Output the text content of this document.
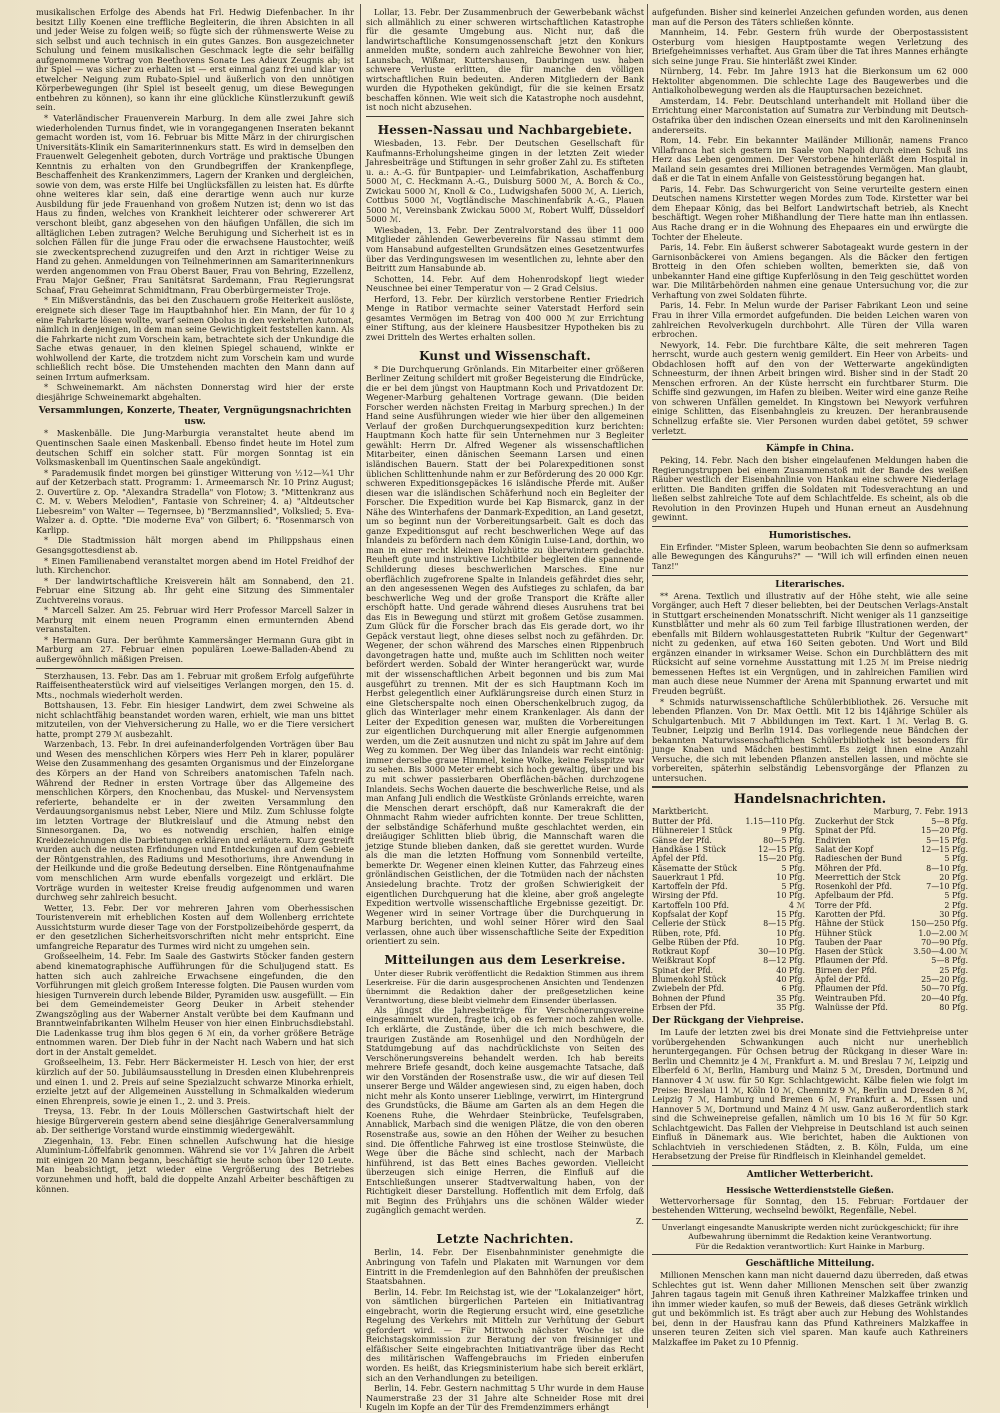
musikalischen Erfolge des Abends hat Frl. Hedwig Diefenbacher. In ihr besitzt Lilly Koenen eine treffliche Begleiterin, die ihren Absichten in all und jeder Weise zu folgen weiß; so fügte sich der rühmenswerte Weise zu sich selbst und auch technisch in ein gutes Ganzes. Bon ausgezeichneter Schulung und feinem musikalischen Geschmack legte die sehr beifällig aufgenommene Vortrag von Beethovens Sonate Les Adieux Zeugnis ab; ist ihr Spiel — was sicher zu erhalten ist — erst einmal ganz frei und klar von etwelcher Neigung zum Rubato-Spiel und äußerlich von den unnötigen Körperbewegungen (ihr Spiel ist beseelt genug, um diese Bewegungen entbehren zu können), so kann ihr eine glückliche Künstlerzukunft gewiß sein.

* Vaterländischer Frauenverein Marburg. In dem alle zwei Jahre sich wiederholenden Turnus findet, wie in vorangegangenen Inseraten bekannt gemacht worden ist, vom 16. Februar bis Mitte März in der chirurgischen Universitäts-Klinik ein Samariterinnenkurs statt. Es wird in demselben den Frauenwelt Gelegenheit geboten, durch Vorträge und praktische Übungen Kenntnis zu erhalten von den Grundbegriffen der Krankenpflege, Beschaffenheit des Krankenzimmers, Lagern der Kranken und dergleichen, sowie von dem, was erste Hilfe bei Unglücksfällen zu leisten hat. Es dürfte ohne weiteres klar sein, daß eine derartige wenn auch nur kurze Ausbildung für jede Frauenhand von großem Nutzen ist; denn wo ist das Haus zu finden, welches von Krankheit leichterer oder schwererer Art verschont bleibt, ganz abgesehen von den häufigen Unfällen, die sich im alltäglichen Leben zutragen? Welche Beruhigung und Sicherheit ist es in solchen Fällen für die junge Frau oder die erwachsene Haustochter, weiß sie zweckentsprechend zuzugreifen und den Arzt in richtiger Weise zu Hand zu gehen. Anmeldungen von Teilnehmerinnen am Samariterinnenkurs werden angenommen von Frau Oberst Bauer, Frau von Behring, Ezzellenz, Frau Major Geßner, Frau Sanitätsrat Sardemann, Frau Regierungsrat Schaaf, Frau Geheimrat Schmidtmann, Frau Oberbürgermeister Troje.

* Ein Mißverständnis, das bei den Zuschauern große Heiterkeit auslöste, ereignete sich dieser Tage im Hauptbahnhof hier. Ein Mann, der für 10 ₰ eine Fahrkarte lösen wollte, warf seinen Obolus in den verkehrten Automat, nämlich in denjenigen, in dem man seine Gewichtigkeit feststellen kann. Als die Fahrkarte nicht zum Vorschein kam, betrachtete sich der Unkundige die Sache etwas genauer, in den kleinen Spiegel schauend, winkte er wohlwollend der Karte, die trotzdem nicht zum Vorschein kam und wurde schließlich recht böse. Die Umstehenden machten den Mann dann auf seinen Irrtum aufmerksam.

* Schweinemarkt. Am nächsten Donnerstag wird hier der erste diesjährige Schweinemarkt abgehalten.

Versammlungen, Konzerte, Theater, Vergnügungsnachrichten usw.

* Maskenbälle. Die Jung-Marburgia veranstaltet heute abend im Quentinschen Saale einen Maskenball. Ebenso findet heute im Hotel zum deutschen Schiff ein solcher statt. Für morgen Sonntag ist ein Volksmaskenball im Quentinschen Saale angekündigt.

* Parademusik findet morgen bei günstiger Witterung von ½12—¾1 Uhr auf der Ketzerbach statt. Programm: 1. Armeemarsch Nr. 10 Prinz August; 2. Ouvertüre z. Op. "Alexandra Stradella" von Flotow; 3. "Mittenkranz aus C. M. v. Webers Melodien", Fantasie von Schreiner; 4. a) "Altdeutscher Liebesreim" von Walter — Tegernsee, b) "Berzmannslied", Volkslied; 5. Eva-Walzer a. d. Optte. "Die moderne Eva" von Gilbert; 6. "Rosenmarsch von Karlipp.

* Die Stadtmission hält morgen abend im Philippshaus einen Gesangsgottesdienst ab.

* Einen Familienabend veranstaltet morgen abend im Hotel Freidhof der luth. Kirchenchor.

* Der landwirtschaftliche Kreisverein hält am Sonnabend, den 21. Februar eine Sitzung ab. Ihr geht eine Sitzung des Simmentaler Zuchtvereins voraus.

* Marcell Salzer. Am 25. Februar wird Herr Professor Marcell Salzer in Marburg mit einem neuen Programm einen ermunternden Abend veranstalten.

* Hermann Gura. Der berühmte Kammersänger Hermann Gura gibt in Marburg am 27. Februar einen populären Loewe-Balladen-Abend zu außergewöhnlich mäßigen Preisen.

Sterzhausen, 13. Febr. Das am 1. Februar mit großem Erfolg aufgeführte Raiffeisentheaterstück wird auf vielseitiges Verlangen morgen, den 15. d. Mts., nochmals wiederholt werden.

Bottshausen, 13. Febr. Ein hiesiger Landwirt, dem zwei Schweine als nicht schlachtfähig beanstandet worden waren, erhielt, wie man uns bittet mitzuteilen, von der Viehversicherung zu Halle, wo er die Tiere versichert hatte, prompt 279 ℳ ausbezahlt.

Warzenbach, 13. Febr. In drei aufeinanderfolgenden Vorträgen über Bau und Wesen des menschlichen Körpers wies Herr Peh in klarer, populärer Weise den Zusammenhang des gesamten Organismus und der Einzelorgane des Körpers an der Hand von Schreibers anatomischen Tafeln nach. Während der Redner in ersten Vortrage über das Allgemeine des menschlichen Körpers, den Knochenbau, das Muskel- und Nervensystem referierte, behandelte er in der zweiten Versammlung den Verdauungsorganismus nebst Leber, Niere und Milz. Zum Schlusse folgte im letzten Vortrage der Blutkreislauf und die Atmung nebst den Sinnesorganen. Da, wo es notwendig erschien, halfen einige Kreidezeichnungen die Darbietungen erklären und erläutern. Kurz gestreift wurden auch die neusten Erfindungen und Entdeckungen auf dem Gebiete der Röntgenstrahlen, des Radiums und Mesothoriums, ihre Anwendung in der Heilkunde und die große Bedeutung derselben. Eine Röntgenaufnahme vom menschlichen Arm wurde ebenfalls vorgezeigt und erklärt. Die Vorträge wurden in weitester Kreise freudig aufgenommen und waren durchweg sehr zahlreich besucht.

Wetter, 13. Febr. Der vor mehreren Jahren vom Oberhessischen Touristenverein mit erheblichen Kosten auf dem Wollenberg errichtete Aussichtsturm wurde dieser Tage von der Forstpolizeibehörde gesperrt, da er den gesetzlichen Sicherheitsvorschriften nicht mehr entspricht. Eine umfangreiche Reparatur des Turmes wird nicht zu umgehen sein.

Großseelheim, 14. Febr. Im Saale des Gastwirts Stöcker fanden gestern abend kinematographische Aufführungen für die Schuljugend statt. Es hatten sich auch zahlreiche Erwachsene eingefunden, die den Vorführungen mit gleich großem Interesse folgten. Die Pausen wurden vom hiesigen Turnverein durch lebende Bilder, Pyramiden usw. ausgefüllt. — Ein bei dem Gemeindemeister Georg Deuker in Arbeit stehender Zwangszögling aus der Waberner Anstalt verübte bei dem Kaufmann und Branntweinfabrikanten Wilhelm Heuser von hier einen Einbruchsdiebstahl. Die Ladenkasse trug ihm blos gegen 6 ℳ ein, da vorher größere Beträge entnommen waren. Der Dieb fuhr in der Nacht nach Wabern und hat sich dort in der Anstalt gemeldet.

Großseelheim, 13. Febr. Herr Bäckermeister H. Lesch von hier, der erst kürzlich auf der 50. Jubiläumsausstellung in Dresden einen Klubehrenpreis und einen 1. und 2. Preis auf seine Spezialzucht schwarze Minorka erhielt, erzielte jetzt auf der Allgemeinen Ausstellung in Schmalkalden wiederum einen Ehrenpreis, sowie je einen 1., 2. und 3. Preis.

Treysa, 13. Febr. In der Louis Möllerschen Gastwirtschaft hielt der hiesige Bürgerverein gestern abend seine diesjährige Generalversammlung ab. Der seitherige Vorstand wurde einstimmig wiedergewählt.

Ziegenhain, 13. Febr. Einen schnellen Aufschwung hat die hiesige Aluminium-Löffelfabrik genommen. Während sie vor 1¼ Jahren die Arbeit mit einigen 20 Mann begann, beschäftigt sie heute schon über 120 Leute. Man beabsichtigt, jetzt wieder eine Vergrößerung des Betriebes vorzunehmen und hofft, bald die doppelte Anzahl Arbeiter beschäftigen zu können.

Lollar, 13. Febr. Der Zusammenbruch der Gewerbebank wächst sich allmählich zu einer schweren wirtschaftlichen Katastrophe für die gesamte Umgebung aus. Nicht nur, daß die landwirtschaftliche Konsumgenossenschaft jetzt den Konkurs anmelden mußte, sondern auch zahlreiche Bewohner von hier, Launsbach, Wißmar, Kuttershausen, Daubringen usw. haben schwere Verluste erlitten, die für manche den völligen wirtschaftlichen Ruin bedeuten. Anderen Mitgliedern der Bank wurden die Hypotheken gekündigt, für die sie keinen Ersatz beschaffen können. Wie weit sich die Katastrophe noch ausdehnt, ist noch nicht abzusehen.

Hessen-Nassau und Nachbargebiete.

Wiesbaden, 13. Febr. Der Deutschen Gesellschaft für Kaufmanns-Erholungsheime gingen in der letzten Zeit wieder Jahresbeiträge und Stiftungen in sehr großer Zahl zu. Es stifteten u. a.: A.-G. für Buntpapier- und Leimfabrikation, Aschaffenburg 5000 ℳ, C. Heckmann A.-G., Duisburg 5000 ℳ, A. Borch & Co., Zwickau 5000 ℳ, Knoll & Co., Ludwigshafen 5000 ℳ, A. Lierich, Cottbus 5000 ℳ, Vogtländische Maschinenfabrik A.-G., Plauen 5000 ℳ, Vereinsbank Zwickau 5000 ℳ, Robert Wulff, Düsseldorf 5000 ℳ.

Wiesbaden, 13. Febr. Der Zentralvorstand des über 11 000 Mitglieder zählenden Gewerbevereins für Nassau stimmt dem vom Hansabund aufgestellten Grundsätzen eines Gesetzentwurfes über das Verdingungswesen im wesentlichen zu, lehnte aber den Beitritt zum Hansabunde ab.

Schotten, 14. Febr. Auf dem Hohenrodskopf liegt wieder Neuschnee bei einer Temperatur von — 2 Grad Celsius.

Herford, 13. Febr. Der kürzlich verstorbene Rentier Friedrich Menge in Ratibor vermachte seiner Vaterstadt Herford sein gesamtes Vermögen im Betrag von 400 000 ℳ zur Errichtung einer Stiftung, aus der kleinere Hausbesitzer Hypotheken bis zu zwei Dritteln des Wertes erhalten sollen.

Kunst und Wissenschaft.

* Die Durchquerung Grönlands. Ein Mitarbeiter einer größeren Berliner Zeitung schildert mit großer Begeisterung die Eindrücke, die er bei dem jüngst von Hauptmann Koch und Privatdozent Dr. Wegener-Marburg gehaltenen Vortrage gewann. (Die beiden Forscher werden nächsten Freitag in Marburg sprechen.) In der Hand seine Ausführungen wieder wie hier über den allgemeinen Verlauf der großen Durchquerungsexpedition kurz berichten: Hauptmann Koch hatte für sein Unternehmen nur 3 Begleiter gewählt: Herrn Dr. Alfred Wegener als wissenschaftlichen Mitarbeiter, einen dänischen Seemann Larsen und einen isländischen Bauern. Statt der bei Polarexpeditionen sonst üblichen Schlittenhunde nahm er zur Beförderung des 20 000 Kgr. schweren Expeditionsgepäckes 16 isländische Pferde mit. Außer diesen war die isländischen Schäferhund noch ein Begleiter der Forscher. Die Expedition wurde bei Kap Bismarck, ganz in der Nähe des Winterhafens der Danmark-Expedition, an Land gesetzt, um so beginnt nun der Vorbereitungsarbeit. Galt es doch das ganze Expeditionsgut auf recht beschwerlichen Wege auf das Inlandeis zu befördern nach dem Königin Luise-Land, dorthin, wo man in einer recht kleinen Holzhütte zu überwintern gedachte. Reuheft gute und instruktive Lichtbilder begleiten die spannende Schilderung dieses beschwerlichen Marsches. Eine nur oberflächlich zugefrorene Spalte in Inlandeis gefährdet dies sehr, an den angesessenen Wegen des Aufstieges zu schlafen, da bar beschwerliche Weg und der große Transport die Kräfte aller erschöpft hatte. Und gerade während dieses Ausruhens trat bei das Eis in Bewegung und stürzt mit großem Getöse zusammen. Zum Glück für die Forscher brach das Eis gerade dort, wo ihr Gepäck verstaut liegt, ohne dieses selbst noch zu gefährden. Dr. Wegener, der schon während des Marsches einen Rippenbruch davongetragen hatte und, mußte auch im Schlitten noch weiter befördert werden. Sobald der Winter herangerückt war, wurde mit der wissenschaftlichen Arbeit begonnen und bis zum Mai ausgeführt zu trennen. Mit der es sich Hauptmann Koch im Herbst gelegentlich einer Aufklärungsreise durch einen Sturz in eine Gletscherspalte noch einen Oberschenkelbruch zugog, da glich das Winterlager mehr einem Krankenlager. Als dann der Leiter der Expedition genesen war, mußten die Vorbereitungen zur eigentlichen Durchquerung mit aller Energie aufgenommen werden, um die Zeit ausnutzen und nicht zu spät im Jahre auf dem Weg zu kommen. Der Weg über das Inlandeis war recht eintönig: immer derselbe graue Himmel, keine Wolke, keine Felsspitze war zu sehen. Bis 3000 Meter erhebt sich hoch gewaltig, über und bis zu mit schwer passierbaren Oberflächen-bächen durchzogene Inlandeis. Sechs Wochen dauerte die beschwerliche Reise, und als man Anfang Juli endlich die Westküste Grönlands erreichte, waren die Menschen derart erschöpft, daß nur Kamerakraft die der Ohnmacht Rahm wieder aufrichten konnte. Der treue Schlitten, der selbständige Schäferhund mußte geschlachtet werden, ein dreiäugiger Schlitten blieb übrig, die Mannschaft waren die jetzige Stunde blieben danken, daß sie gerettet wurden. Wurde als die man die letzten Hoffnung vom Sonnenbild verteilte, bemerkte Dr. Wegener einen kleinen Kutter, das Fahrzeug eines grönländischen Geistlichen, der die Totmüden nach der nächsten Ansiedelung brachte. Trotz der großen Schwierigkeit der eigentlichen Durchquerung hat die kleine, aber groß angelegte Expedition wertvolle wissenschaftliche Ergebnisse gezeitigt. Dr. Wegener wird in seiner Vortrage über die Durchquerung in Marburg berichten, und wohl seiner Hörer wird den Saal verlassen, ohne auch über wissenschaftliche Seite der Expedition orientiert zu sein.

Mitteilungen aus dem Leserkreise.

Unter dieser Rubrik veröffentlicht die Redaktion Stimmen aus ihrem Leserkreise. Für die darin ausgesprochenen Ansichten und Tendenzen übernimmt die Redaktion daher der preßgesetzlichen keine Verantwortung, diese bleibt vielmehr dem Einsender überlassen.

Als jüngst die Jahresbeiträge für Verschönerungsvereine eingesammelt wurden, fragte ich, ob es ferner noch zahlen wolle. Ich erklärte, die Zustände, über die ich mich beschwere, die traurigen Zustände am Rosenhügel und den Nordhügeln der Statdumgebung auf das nachdrücklichste von Seiten des Verschönerungsvereins behandelt werden. Ich hab bereits mehrere Briefe gesandt, doch keine ausgemachte Tatsache, daß wir den Vorständen der Rosenstraße usw., die wir auf diesen Teil unserer Berge und Wälder angewiesen sind, zu eigen haben, doch nicht mehr als Konto unserer Lieblinge, verwirrt, im Hintergrund des Grundstücks, die Bäume am Garten als an dem Hegen die Koenens Ruhe, die Wehrdaer Steinbrücke, Teufelsgraben, Annablick, Marbach sind die wenigen Plätze, die von den oberen Rosenstraße aus, sowie an den Höhen der Weiher zu besuchen sind. Die öffentliche Fahrweg ist eine trostlose Steinwüste, die Wege über die Bäche sind schlecht, nach der Marbach hinführend, ist das Bett eines Baches geworden. Vielleicht überzeugen sich einige Herren, die Einfluß auf die Entschließungen unserer Stadtverwaltung haben, von der Richtigkeit dieser Darstellung. Hoffentlich mit dem Erfolg, daß mit Beginn des Frühjahrs uns die schönen Wälder wieder zugänglich gemacht werden.

Z.

Letzte Nachrichten.

Berlin, 14. Febr. Der Eisenbahnminister genehmigte die Anbringung von Tafeln und Plakaten mit Warnungen vor dem Eintritt in die Fremdenlegion auf den Bahnhöfen der preußischen Staatsbahnen.

Berlin, 14. Febr. Im Reichstag ist, wie der "Lokalanzeiger" hört, von sämtlichen bürgerlichen Parteien ein Initiativantrag eingebracht, worin die Regierung ersucht wird, eine gesetzliche Regelung des Verkehrs mit Mitteln zur Verhütung der Geburt gefordert wird. — Für Mittwoch nächster Woche ist die Reichstagskommission zur Beratung der von freisinniger und elfäßischer Seite eingebrachten Initiativanträge über das Recht des militärischen Waffengebrauchs im Frieden einberufen worden. Es heißt, das Kriegsministerium habe sich bereit erklärt, sich an den Verhandlungen zu beteiligen.

Berlin, 14. Febr. Gestern nachmittag 5 Uhr wurde in dem Hause Naumerstraße 23 der 31 Jahre alte Schneider Rose mit drei Kugeln im Kopfe an der Tür des Fremdenzimmers erhängt

aufgefunden. Bisher sind keinerlei Anzeichen gefunden worden, aus denen man auf die Person des Täters schließen könnte.

Mannheim, 14. Febr. Gestern früh wurde der Oberpostassistent Osterburg vom hiesigen Hauptpostamte wegen Verletzung des Briefgeheimnisses verhaftet. Aus Gram über die Tat ihres Mannes erhängte sich seine junge Frau. Sie hinterläßt zwei Kinder.

Nürnberg, 14. Febr. Im Jahre 1913 hat die Bierkonsum um 62 000 Hektoliter abgenommen. Die schlechte Lage des Baugewerbes und die Antialkoholbewegung werden als die Hauptursachen bezeichnet.

Amsterdam, 14. Febr. Deutschland unterhandelt mit Holland über die Errichtung einer Marconistation auf Sumatra zur Verbindung mit Deutsch-Ostafrika über den indischen Ozean einerseits und mit den Karolineninseln andererseits.

Rom, 14. Febr. Ein bekannter Mailänder Millionär, namens Franco Villafranca hat sich gestern im Saale von Napoli durch einen Schuß ins Herz das Leben genommen. Der Verstorbene hinterläßt dem Hospital in Mailand sein gesamtes drei Millionen betragendes Vermögen. Man glaubt, daß er die Tat in einem Anfalle von Geistesstörung begangen hat.

Paris, 14. Febr. Das Schwurgericht von Seine verurteilte gestern einen Deutschen namens Kirstetter wegen Mordes zum Tode. Kirstetter war bei dem Ehepaar König, das bei Belfort Landwirtschaft betrieb, als Knecht beschäftigt. Wegen roher Mißhandlung der Tiere hatte man ihn entlassen. Aus Rache drang er in die Wohnung des Ehepaares ein und erwürgte die Tochter der Eheleute.

Paris, 14. Febr. Ein äußerst schwerer Sabotageakt wurde gestern in der Garnisonbäckerei von Amiens begangen. Als die Bäcker den fertigen Brotteig in den Ofen schieben wollten, bemerkten sie, daß von unbekannter Hand eine giftige Kupferlösung in den Teig geschüttet worden war. Die Militärbehörden nahmen eine genaue Untersuchung vor, die zur Verhaftung von zwei Soldaten führte.

Paris, 14. Febr. In Melun wurde der Pariser Fabrikant Leon und seine Frau in ihrer Villa ermordet aufgefunden. Die beiden Leichen waren von zahlreichen Revolverkugeln durchbohrt. Alle Türen der Villa waren erbrochen.

Newyork, 14. Febr. Die furchtbare Kälte, die seit mehreren Tagen herrscht, wurde auch gestern wenig gemildert. Ein Heer von Arbeits- und Obdachlosen hofft auf den von der Wetterwarte angekündigten Schneesturm, der ihnen Arbeit bringen wird. Bisher sind in der Stadt 20 Menschen erfroren. An der Küste herrscht ein furchtbarer Sturm. Die Schiffe sind gezwungen, im Hafen zu bleiben. Weiter wird eine ganze Reihe von schweren Unfällen gemeldet. In Kingstown bei Newyork verfuhren einige Schlitten, das Eisenbahngleis zu kreuzen. Der heranbrausende Schnellzug erfaßte sie. Vier Personen wurden dabei getötet, 59 schwer verletzt.

Kämpfe in China.

Peking, 14. Febr. Nach den bisher eingelaufenen Meldungen haben die Regierungstruppen bei einem Zusammenstoß mit der Bande des weißen Räuber westlich der Eisenbahnlinie von Hankau eine schwere Niederlage erlitten. Die Banditen griffen die Soldaten mit Todesverachtung an und ließen selbst zahlreiche Tote auf dem Schlachtfelde. Es scheint, als ob die Revolution in den Provinzen Hupeh und Hunan erneut an Ausdehnung gewinnt.

Humoristisches.

Ein Erfinder. "Mister Spleen, warum beobachten Sie denn so aufmerksam alle Bewegungen des Känguruhs?" — "Will ich will erfinden einen neuen Tanz!"

Literarisches.

** Arena. Textlich und illustrativ auf der Höhe steht, wie alle seine Vorgänger, auch Heft 7 dieser beliebten, bei der Deutschen Verlags-Anstalt in Stuttgart erscheinenden Monatsschrift. Nicht weniger als 11 ganzseitige Kunstblätter und mehr als 60 zum Teil farbige Illustrationen werden, der ebenfalls mit Bildern wohlausgestatteten Rubrik "Kultur der Gegenwart" nicht zu gedenken, auf etwa 160 Seiten geboten. Und Wort und Bild ergänzen einander in wirksamer Weise. Schon ein Durchblättern des mit Rücksicht auf seine vornehme Ausstattung mit 1.25 ℳ im Preise niedrig bemessenen Heftes ist ein Vergnügen, und in zahlreichen Familien wird man auch diese neue Nummer der Arena mit Spannung erwartet und mit Freuden begrüßt.

* Schmids naturwissenschaftliche Schülerbibliothek. 26. Versuche mit lebenden Pflanzen. Von Dr. Max Oettli. Mit 12 bis 14jährige Schüler als Schulgartenbuch. Mit 7 Abbildungen im Text. Kart. 1 ℳ. Verlag B. G. Teubner, Leipzig und Berlin 1914. Das vorliegende neue Bändchen der bekannten Naturwissenschaftlichen Schülerbibliothek ist besonders für junge Knaben und Mädchen bestimmt. Es zeigt ihnen eine Anzahl Versuche, die sich mit lebenden Pflanzen anstellen lassen, und möchte sie vorbereiten, späterhin selbständig Lebensvorgänge der Pflanzen zu untersuchen.

Handelsnachrichten.
Marktbericht.	Marburg, 7. Febr. 1913
Butter der Pfd.	1.15—110 Pfg.
Hühnereier 1 Stück	9 Pfg.
Gänse der Pfd.	80—5 Pfg.
Handkäse 1 Stück	12—15 Pfg.
Äpfel der Pfd.	15—20 Pfg.
Käsematte der Stück	5 Pfg.
Sauerkraut 1 Pfd.	10 Pfg.
Kartoffeln der Pfd.	5 Pfg.
Wirsing der Pfd.	10 Pfg.
Kartoffeln 100 Pfd.	4 ℳ
Kopfsalat der Kopf	15 Pfg.
Cellerie der Stück	8—15 Pfg.
Rüben, rote, Pfd.	10 Pfg.
Gelbe Rüben der Pfd.	10 Pfg.
Rotkraut Kopf	30—10 Pfg.
Weißkraut Kopf	8—12 Pfg.
Spinat der Pfd.	40 Pfg.
Blumenkohl Stück	40 Pfg.
Zwiebeln der Pfd.	6 Pfg.
Bohnen der Pfund	35 Pfg.
Erbsen der Pfd.	35 Pfg.
Zuckerhut der Stck	5—8 Pfg.
Spinat der Pfd.	15—20 Pfg.
Endivien	5—15 Pfg.
Salat der Kopf	12—15 Pfg.
Radieschen der Bund	5 Pfg.
Möhren der Pfd.	8—10 Pfg.
Meerrettich der Stck	20 Pfg.
Rosenkohl der Pfd.	7—10 Pfg.
Apfelbaum der Pfd.	5 Pfg.
Torre der Pfd.	2 Pfg.
Karotten der Pfd.	30 Pfg.
Hähne der Stück	150—250 Pfg.
Hühner Stück	1.0—2.00 ℳ
Tauben der Paar	70—90 Pfg.
Hasen der Stück	3.50—4.00 ℳ
Pflaumen der Pfd.	5—8 Pfg.
Birnen der Pfd.	25 Pfg.
Äpfel der Pfd.	25—20 Pfg.
Pflaumen der Pfd.	50—70 Pfg.
Weintrauben Pfd.	20—40 Pfg.
Walnüsse der Pfd.	80 Pfg.
Der Rückgang der Viehpreise.

Im Laufe der letzten zwei bis drei Monate sind die Fettviehpreise unter vorübergehenden Schwankungen auch nicht nur unerheblich heruntergegangen. Für Ochsen betrug der Rückgang in dieser Ware in: Berlin und Chemnitz je 4 ℳ, Frankfurt a. M. und Breslau 7 ℳ, Leipzig und Elberfeld 6 ℳ, Berlin, Hamburg und Mainz 5 ℳ, Dresden, Dortmund und Hannover 4 ℳ usw. für 50 Kgr. Schlachtgewicht. Kälbe fielen wie folgt im Preise: Breslau 11 ℳ, Köln 10 ℳ, Chemnitz 9 ℳ, Berlin und Dresden 8 ℳ, Leipzig 7 ℳ, Hamburg und Bremen 6 ℳ, Frankfurt a. M., Essen und Hannover 5 ℳ, Dortmund und Mainz 4 ℳ usw. Ganz außerordentlich stark sind die Schweinepreise gefallen, nämlich um 10 bis 16 ℳ für 50 Kgr. Schlachtgewicht. Das Fallen der Viehpreise in Deutschland ist auch seinen Einfluß in Dänemark aus. Wie berichtet, haben die Auktionen von Schlachtvieh in verschiedenen Städten, z. B. Köln, Fulda, um eine Herabsetzung der Preise für Rindfleisch in Kleinhandel gemeldet.

Amtlicher Wetterbericht.
Hessische Wetterdienststelle Gießen.

Wettervorhersage für Sonntag, den 15. Februar: Fortdauer der bestehenden Witterung, wechselnd bewölkt, Regenfälle, Nebel.

Unverlangt eingesandte Manuskripte werden nicht zurückgeschickt; für ihre Aufbewahrung übernimmt die Redaktion keine Verantwortung.

Für die Redaktion verantwortlich: Kurt Hainke in Marburg.

Geschäftliche Mitteilung.

Millionen Menschen kann man nicht dauernd dazu überreden, daß etwas Schlechtes gut ist. Wenn daher Millionen Menschen seit über zwanzig Jahren tagaus tagein mit Genuß ihren Kathreiner Malzkaffee trinken und ihn immer wieder kaufen, so muß der Beweis, daß dieses Getränk wirklich gut und bekömmlich ist. Es trägt aber auch zur Hebung des Wohlstandes bei, denn in der Hausfrau kann das Pfund Kathreiners Malzkaffee in unseren teuren Zeiten sich viel sparen. Man kaufe auch Kathreiners Malzkaffee im Paket zu 10 Pfennig.
